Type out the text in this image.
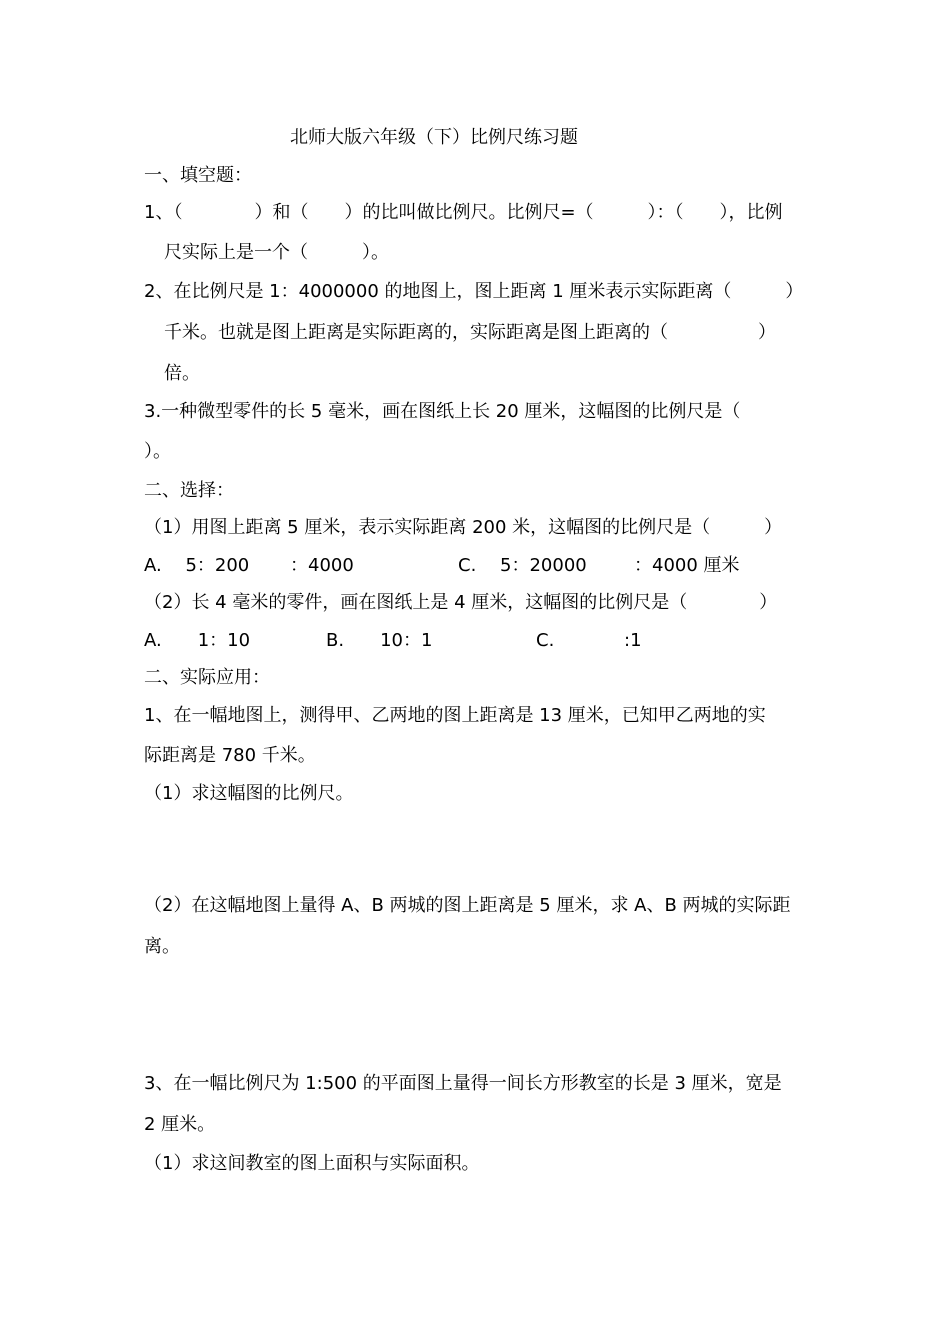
北师大版六年级（下）比例尺练习题
一、填空题：
1、（　　　　）和（　　）的比叫做比例尺。比例尺=（　　　）：（　　），比例
尺实际上是一个（　　　）。
2、在比例尺是 1：4000000 的地图上，图上距离 1 厘米表示实际距离（　　　）
千米。也就是图上距离是实际距离的，实际距离是图上距离的（　　　　　）
倍。
3.一种微型零件的长 5 毫米，画在图纸上长 20 厘米，这幅图的比例尺是（
）。
二、选择：
（1）用图上距离 5 厘米，表示实际距离 200 米，这幅图的比例尺是（　　　）
A.　 5：200 ：4000	C.　 5：20000	：4000 厘米
（2）长 4 毫米的零件，画在图纸上是 4 厘米，这幅图的比例尺是（　　　　）
A.　　1：10	B.　　10：1	C.	:1
二、实际应用：
1、在一幅地图上，测得甲、乙两地的图上距离是 13 厘米，已知甲乙两地的实
际距离是 780 千米。
（1）求这幅图的比例尺。
（2）在这幅地图上量得 A、B 两城的图上距离是 5 厘米，求 A、B 两城的实际距
离。
3、在一幅比例尺为 1:500 的平面图上量得一间长方形教室的长是 3 厘米，宽是
2 厘米。
（1）求这间教室的图上面积与实际面积。
